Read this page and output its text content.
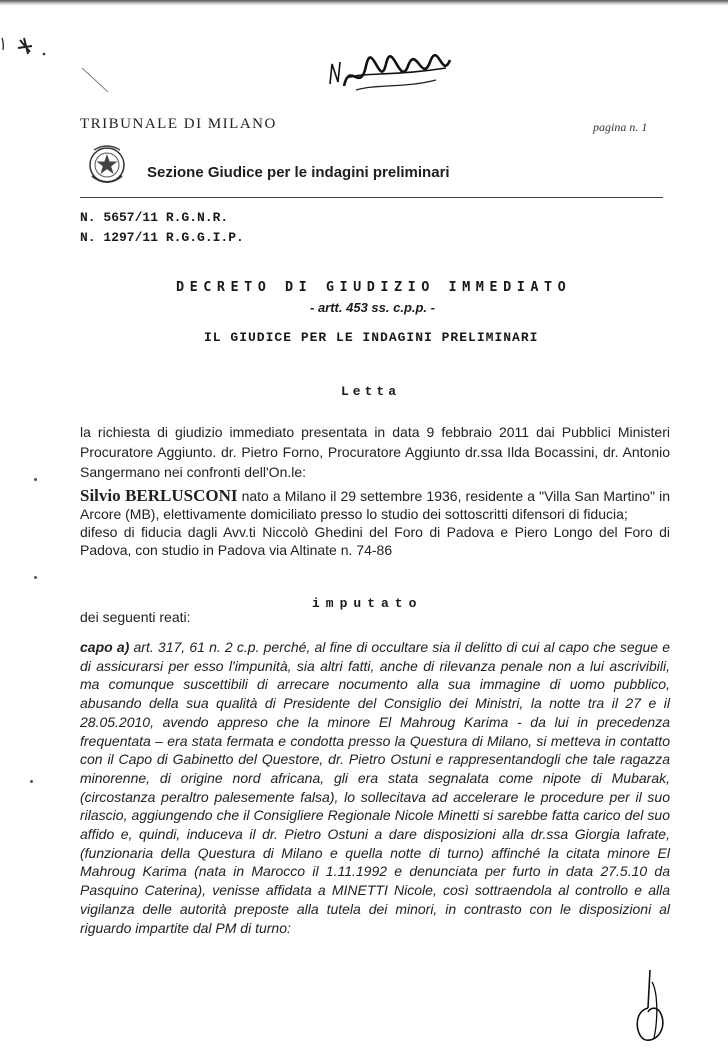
TRIBUNALE DI MILANO	pagina n. 1
Sezione Giudice per le indagini preliminari
N. 5657/11 R.G.N.R.
N. 1297/11 R.G.G.I.P.
DECRETO DI GIUDIZIO IMMEDIATO
- artt. 453 ss. c.p.p. -
IL GIUDICE PER LE INDAGINI PRELIMINARI
Letta
la richiesta di giudizio immediato presentata in data 9 febbraio 2011 dai Pubblici Ministeri Procuratore Aggiunto. dr. Pietro Forno, Procuratore Aggiunto dr.ssa Ilda Bocassini, dr. Antonio Sangermano nei confronti dell'On.le:
Silvio BERLUSCONI nato a Milano il 29 settembre 1936, residente a "Villa San Martino" in Arcore (MB), elettivamente domiciliato presso lo studio dei sottoscritti difensori di fiducia;
difeso di fiducia dagli Avv.ti Niccolò Ghedini del Foro di Padova e Piero Longo del Foro di Padova, con studio in Padova via Altinate n. 74-86
imputato
dei seguenti reati:
capo a) art. 317, 61 n. 2 c.p. perché, al fine di occultare sia il delitto di cui al capo che segue e di assicurarsi per esso l'impunità, sia altri fatti, anche di rilevanza penale non a lui ascrivibili, ma comunque suscettibili di arrecare nocumento alla sua immagine di uomo pubblico, abusando della sua qualità di Presidente del Consiglio dei Ministri, la notte tra il 27 e il 28.05.2010, avendo appreso che la minore El Mahroug Karima - da lui in precedenza frequentata – era stata fermata e condotta presso la Questura di Milano, si metteva in contatto con il Capo di Gabinetto del Questore, dr. Pietro Ostuni e rappresentandogli che tale ragazza minorenne, di origine nord africana, gli era stata segnalata come nipote di Mubarak, (circostanza peraltro palesemente falsa), lo sollecitava ad accelerare le procedure per il suo rilascio, aggiungendo che il Consigliere Regionale Nicole Minetti si sarebbe fatta carico del suo affido e, quindi, induceva il dr. Pietro Ostuni a dare disposizioni alla dr.ssa Giorgia Iafrate, (funzionaria della Questura di Milano e quella notte di turno) affinché la citata minore El Mahroug Karima (nata in Marocco il 1.11.1992 e denunciata per furto in data 27.5.10 da Pasquino Caterina), venisse affidata a MINETTI Nicole, così sottraendola al controllo e alla vigilanza delle autorità preposte alla tutela dei minori, in contrasto con le disposizioni al riguardo impartite dal PM di turno:
